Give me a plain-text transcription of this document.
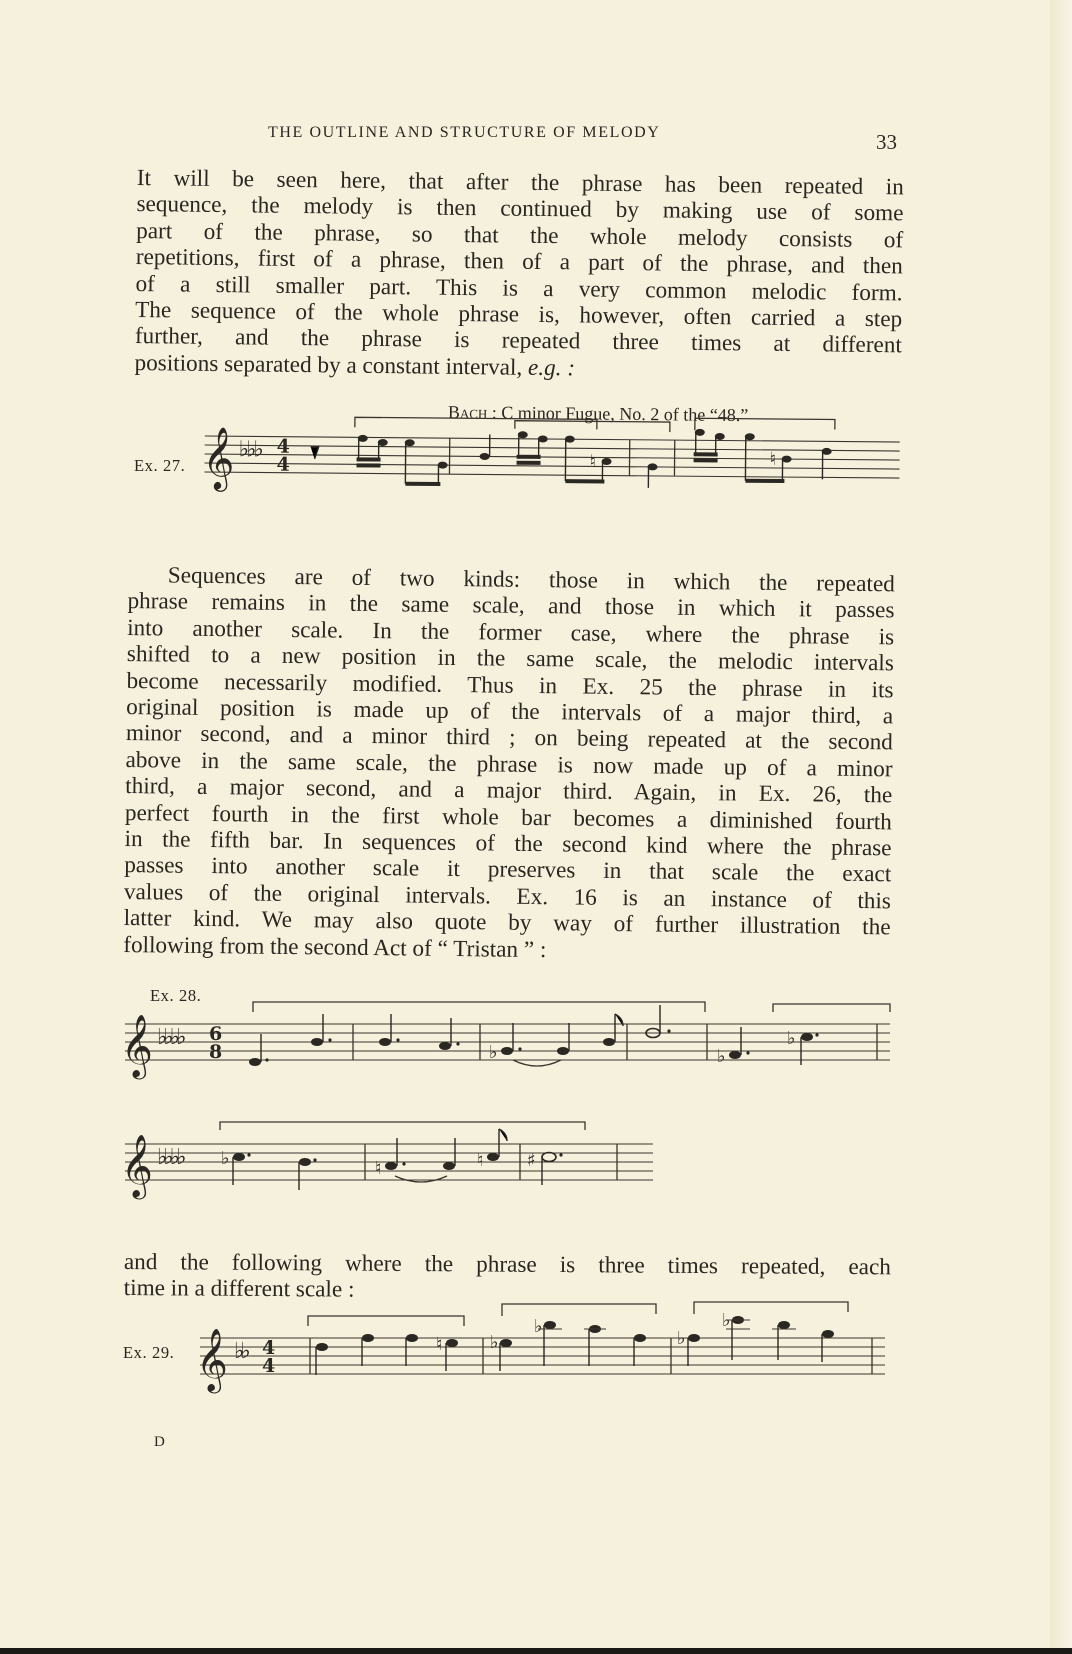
THE OUTLINE AND STRUCTURE OF MELODY	33

It will be seen here, that after the phrase has been repeated in
sequence, the melody is then continued by making use of some
part of the phrase, so that the whole melody consists of
repetitions, first of a phrase, then of a part of the phrase, and then
of a still smaller part. This is a very common melodic form.
The sequence of the whole phrase is, however, often carried a step
further, and the phrase is repeated three times at different
positions separated by a constant interval, e.g. :

Bach : C minor Fugue, No. 2 of the “48.”
Ex. 27. 𝄞 ♭♭♭ 4
4	♮	♮

Sequences are of two kinds: those in which the repeated
phrase remains in the same scale, and those in which it passes
into another scale. In the former case, where the phrase is
shifted to a new position in the same scale, the melodic intervals
become necessarily modified. Thus in Ex. 25 the phrase in its
original position is made up of the intervals of a major third, a
minor second, and a minor third ; on being repeated at the second
above in the same scale, the phrase is now made up of a minor
third, a major second, and a major third. Again, in Ex. 26, the
perfect fourth in the first whole bar becomes a diminished fourth
in the fifth bar. In sequences of the second kind where the phrase
passes into another scale it preserves in that scale the exact
values of the original intervals. Ex. 16 is an instance of this
latter kind. We may also quote by way of further illustration the
following from the second Act of “ Tristan ” :

Ex. 28.
𝄞 ♭♭♭♭ 6
8	♭	♭
♭
𝄞 ♭♭♭♭ ♭	♮	♮ ♯

and the following where the phrase is three times repeated, each
time in a different scale :

Ex. 29. 𝄞 ♭♭ 4
4
♮	♭
♭
♭
♭
D
